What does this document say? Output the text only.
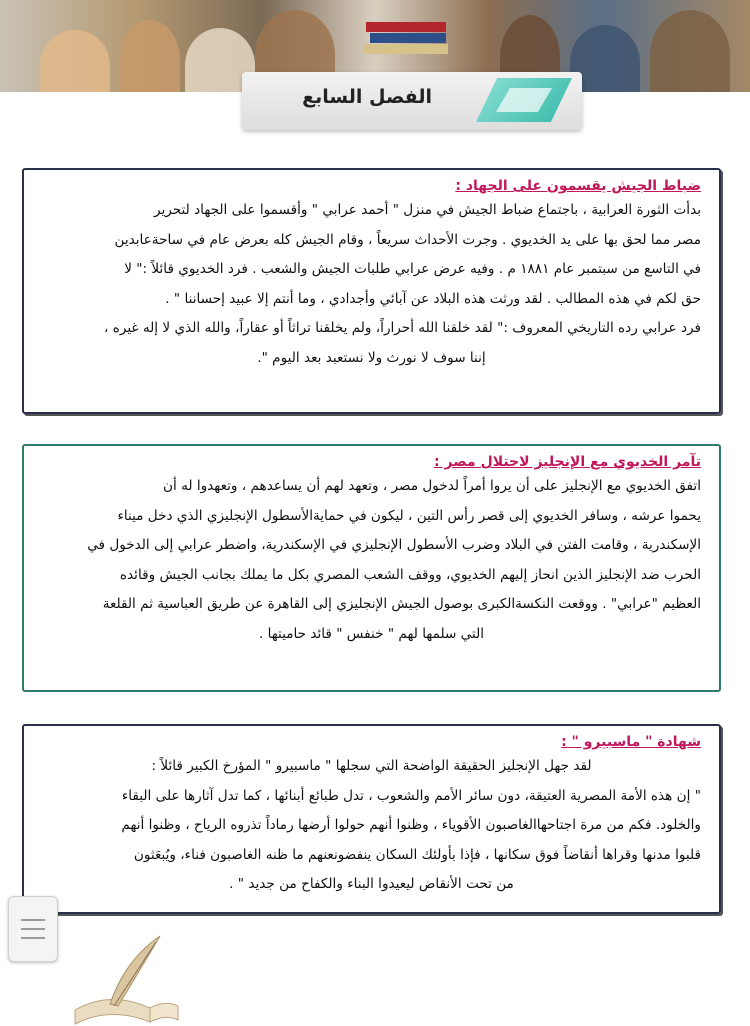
الفصل السابع
ضباط الجيش يقسمون على الجهاد :

بدأت الثورة العرابية ، باجتماع ضباط الجيش في منزل " أحمد عرابي " وأقسموا على الجهاد لتحرير

مصر مما لحق بها على يد الخديوي . وجرت الأحداث سريعاً ، وقام الجيش كله بعرض عام في ساحةعابدين

في التاسع من سبتمبر عام ١٨٨١ م . وفيه عرض عرابي طلبات الجيش والشعب . فرد الخديوي قائلاً :" لا

حق لكم في هذه المطالب . لقد ورثت هذه البلاد عن آبائي وأجدادي ، وما أنتم إلا عبيد إحساننا " .

فرد عرابي رده التاريخي المعروف :" لقد خلقنا الله أحراراً، ولم يخلقنا تراثاً أو عقاراً، والله الذي لا إله غيره ،

إننا سوف لا نورث ولا نستعبد بعد اليوم ".

تآمر الخديوي مع الإنجليز لاحتلال مصر :

اتفق الخديوي مع الإنجليز على أن يروا أمراً لدخول مصر ، وتعهد لهم أن يساعدهم ، وتعهدوا له أن

يحموا عرشه ، وسافر الخديوي إلى قصر رأس التين ، ليكون في حمايةالأسطول الإنجليزي الذي دخل ميناء

الإسكندرية ، وقامت الفتن في البلاد وضرب الأسطول الإنجليزي في الإسكندرية، واضطر عرابي إلى الدخول في

الحرب ضد الإنجليز الذين انحاز إليهم الخديوي، ووقف الشعب المصري بكل ما يملك بجانب الجيش وقائده

العظيم "عرابي" . ووقعت النكسةالكبرى بوصول الجيش الإنجليزي إلى القاهرة عن طريق العباسية ثم القلعة

التي سلمها لهم " خنفس " قائد حاميتها .

شهادة " ماسبيرو " :

لقد جهل الإنجليز الحقيقة الواضحة التي سجلها " ماسبيرو " المؤرخ الكبير قائلاً :

" إن هذه الأمة المصرية العتيقة، دون سائر الأمم والشعوب ، تدل طبائع أبنائها ، كما تدل آثارها على البقاء

والخلود. فكم من مرة اجتاحهاالغاصبون الأقوياء ، وظنوا أنهم حولوا أرضها رماداً تذروه الرياح ، وظنوا أنهم

قلبوا مدنها وقراها أنقاضاً فوق سكانها ، فإذا بأولئك السكان ينفضونعنهم ما ظنه الغاصبون فناء، ويُبعَثون

من تحت الأنقاض ليعيدوا البناء والكفاح من جديد " .
